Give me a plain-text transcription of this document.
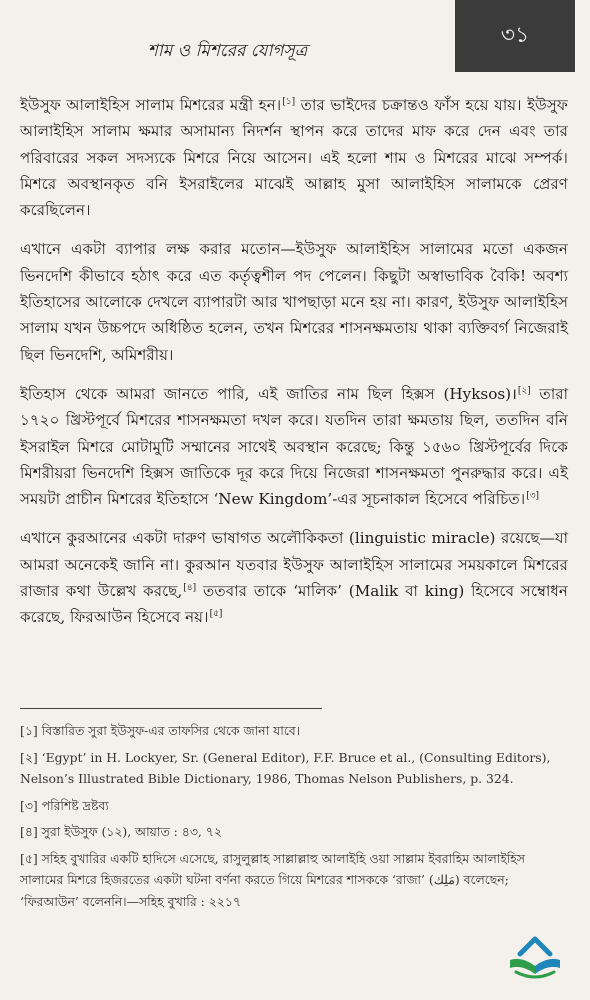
শাম ও মিশরের যোগসূত্র
৩১

ইউসুফ আলাইহিস সালাম মিশরের মন্ত্রী হন।[১] তার ভাইদের চক্রান্তও ফাঁস হয়ে যায়। ইউসুফ আলাইহিস সালাম ক্ষমার অসামান্য নিদর্শন স্থাপন করে তাদের মাফ করে দেন এবং তার পরিবারের সকল সদস্যকে মিশরে নিয়ে আসেন। এই হলো শাম ও মিশরের মাঝে সম্পর্ক। মিশরে অবস্থানকৃত বনি ইসরাইলের মাঝেই আল্লাহ মুসা আলাইহিস সালামকে প্রেরণ করেছিলেন।

এখানে একটা ব্যাপার লক্ষ করার মতোন—ইউসুফ আলাইহিস সালামের মতো একজন ভিনদেশি কীভাবে হঠাৎ করে এত কর্তৃত্বশীল পদ পেলেন। কিছুটা অস্বাভাবিক বৈকি! অবশ্য ইতিহাসের আলোকে দেখলে ব্যাপারটা আর খাপছাড়া মনে হয় না। কারণ, ইউসুফ আলাইহিস সালাম যখন উচ্চপদে অধিষ্ঠিত হলেন, তখন মিশরের শাসনক্ষমতায় থাকা ব্যক্তিবর্গ নিজেরাই ছিল ভিনদেশি, অমিশরীয়।

ইতিহাস থেকে আমরা জানতে পারি, এই জাতির নাম ছিল হিক্সস (Hyksos)।[২] তারা ১৭২০ খ্রিস্টপূর্বে মিশরের শাসনক্ষমতা দখল করে। যতদিন তারা ক্ষমতায় ছিল, ততদিন বনি ইসরাইল মিশরে মোটামুটি সম্মানের সাথেই অবস্থান করেছে; কিন্তু ১৫৬০ খ্রিস্টপূর্বের দিকে মিশরীয়রা ভিনদেশি হিক্সস জাতিকে দূর করে দিয়ে নিজেরা শাসনক্ষমতা পুনরুদ্ধার করে। এই সময়টা প্রাচীন মিশরের ইতিহাসে ‘New Kingdom’-এর সূচনাকাল হিসেবে পরিচিত।[৩]

এখানে কুরআনের একটা দারুণ ভাষাগত অলৌকিকতা (linguistic miracle) রয়েছে—যা আমরা অনেকেই জানি না। কুরআন যতবার ইউসুফ আলাইহিস সালামের সময়কালে মিশরের রাজার কথা উল্লেখ করছে,[৪] ততবার তাকে ‘মালিক’ (Malik বা king) হিসেবে সম্বোধন করেছে, ফিরআউন হিসেবে নয়।[৫]

[১] বিস্তারিত সুরা ইউসুফ-এর তাফসির থেকে জানা যাবে।

[২] ‘Egypt’ in H. Lockyer, Sr. (General Editor), F.F. Bruce et al., (Consulting Editors), Nelson’s Illustrated Bible Dictionary, 1986, Thomas Nelson Publishers, p. 324.

[৩] পরিশিষ্ট দ্রষ্টব্য

[৪] সুরা ইউসুফ (১২), আয়াত : ৪৩, ৭২

[৫] সহিহ বুখারির একটি হাদিসে এসেছে, রাসুলুল্লাহ সাল্লাল্লাহু আলাইহি ওয়া সাল্লাম ইবরাহিম আলাইহিস সালামের মিশরে হিজরতের একটা ঘটনা বর্ণনা করতে গিয়ে মিশরের শাসককে ‘রাজা’ (مَلِك) বলেছেন; ‘ফিরআউন’ বলেননি।—সহিহ বুখারি : ২২১৭
